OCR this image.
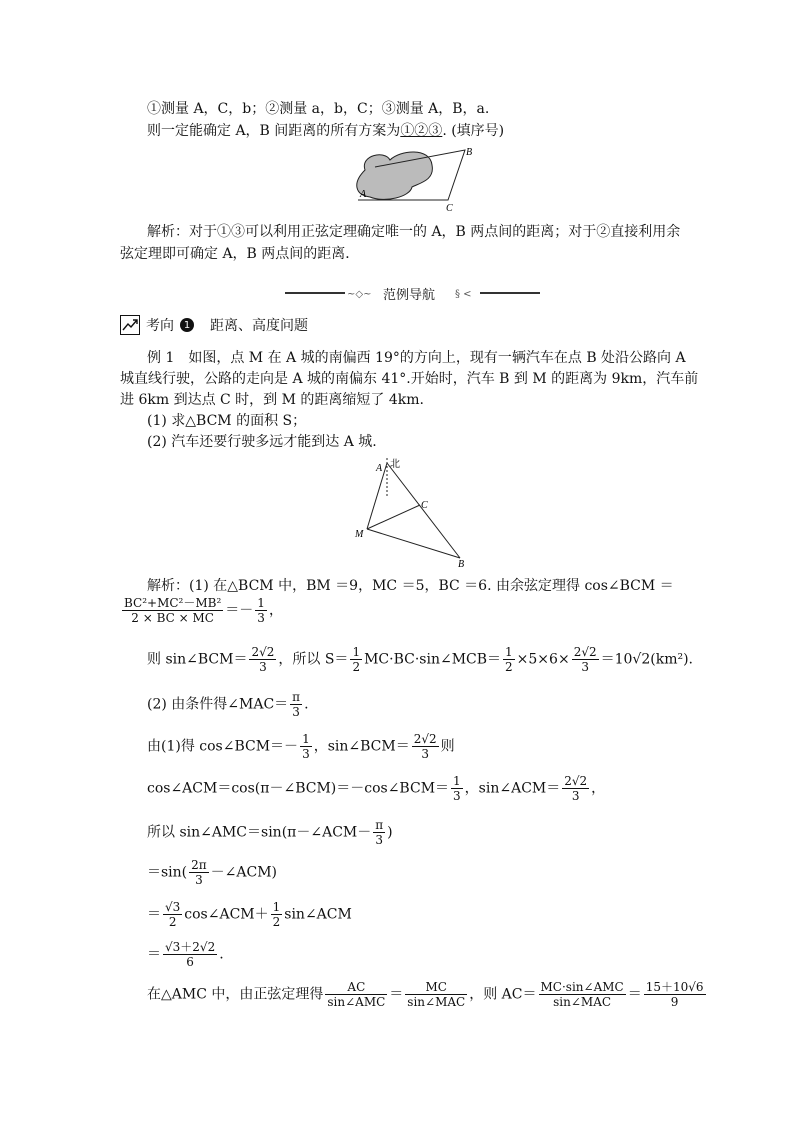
①测量 A，C，b；②测量 a，b，C；③测量 A，B，a.
则一定能确定 A，B 间距离的所有方案为①②③. (填序号)
A
B
C
解析：对于①③可以利用正弦定理确定唯一的 A，B 两点间的距离；对于②直接利用余
弦定理即可确定 A，B 两点间的距离．
~◇~	§ <
范例导航
考向 1 距离、高度问题
例 1　如图，点 M 在 A 城的南偏西 19°的方向上，现有一辆汽车在点 B 处沿公路向 A
城直线行驶，公路的走向是 A 城的南偏东 41°.开始时，汽车 B 到 M 的距离为 9km，汽车前
进 6km 到达点 C 时，到 M 的距离缩短了 4km.
(1) 求△BCM 的面积 S；
(2) 汽车还要行驶多远才能到达 A 城.
A 北
C
M
B
解析：(1) 在△BCM 中，BM ＝9，MC ＝5，BC ＝6. 由余弦定理得 cos∠BCM ＝
$\frac{\text{BC²+MC²－MB²}}{2 \times BC \times MC} =- \frac{1}{3}$ ，
则 sin∠BCM＝ $\frac{2√2}{3}$ ，所以 $S= \frac{1}{2}$ MC·BC·sin∠MCB＝ $\frac{1}{2} \times 5\times 6\times \frac{2√2}{3} =10√2(km^2)$.
(2) 由条件得∠MAC＝ $\frac{\pi}{3}$ .
由(1)得 cos∠BCM＝－ $\frac{1}{3}$ ，sin∠BCM＝ $\frac{2√2}{3}$ 则
cos∠ACM＝cos(π－∠BCM)＝－cos∠BCM＝ $\frac{1}{3}$ ，sin∠ACM＝ $\frac{2√2}{3}$ ，
所以 sin∠AMC＝sin(π－∠ACM－ $\frac{\pi}{3}$ )
$=\sin( \frac{2\pi}{3}$ －∠ACM)
＝ $\frac{√3}{2}$ cos∠ACM＋ $\frac{1}{2}$ sin∠ACM
＝ $\frac{√3+2√2}{6}$ .
在△AMC 中，由正弦定理得 $\frac{AC}{\text{sin∠AMC}} = \frac{MC}{\text{sin∠MAC}}$ ，则 $AC= \frac{\text{MC·sin∠AMC}}{\text{sin∠MAC}} = \frac{15+10√6}{9}$
